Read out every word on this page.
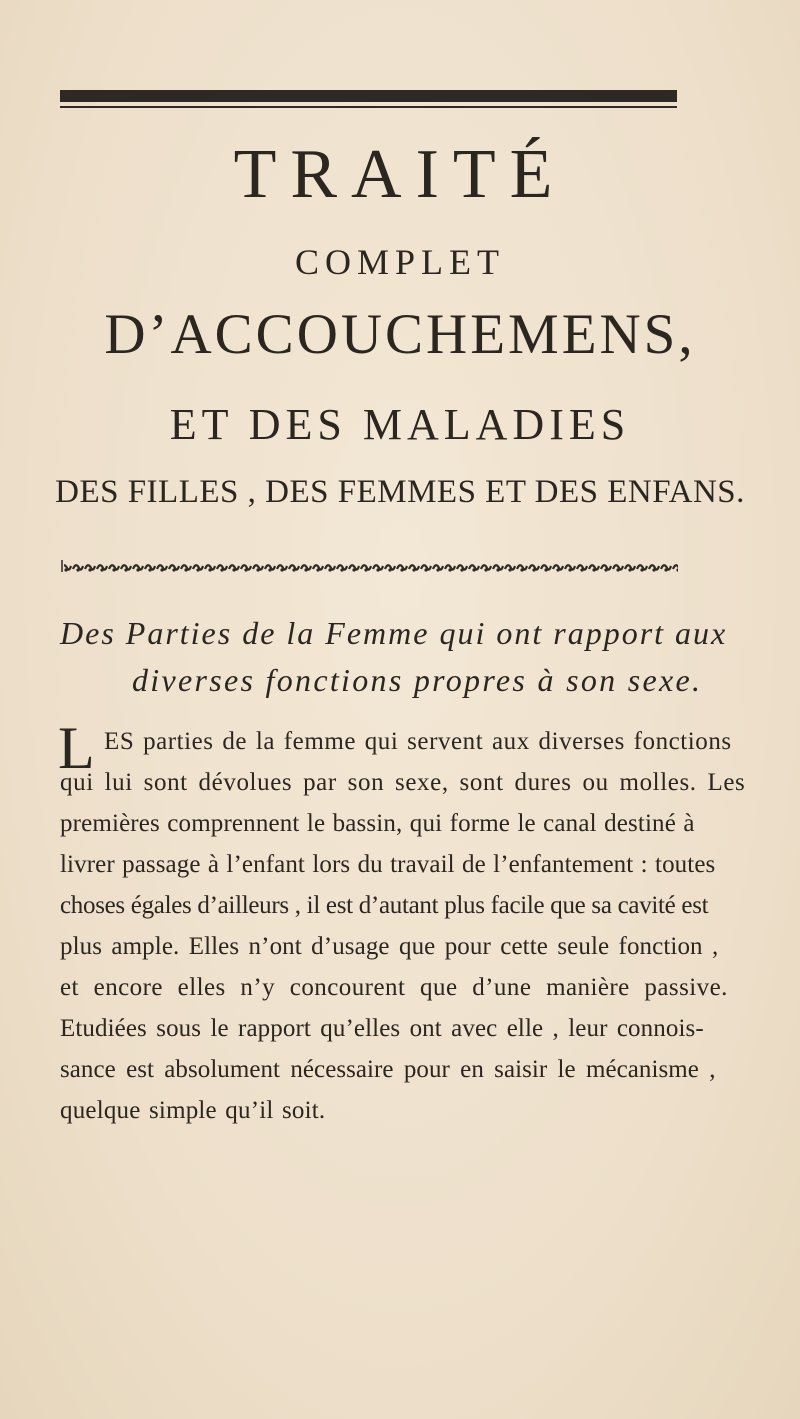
TRAITÉ
COMPLET
D’ACCOUCHEMENS,
ET DES MALADIES
DES FILLES , DES FEMMES ET DES ENFANS.
Des Parties de la Femme qui ont rapport aux
diverses fonctions propres à son sexe.
L ES parties de la femme qui servent aux diverses fonctions
qui lui sont dévolues par son sexe, sont dures ou molles. Les
premières comprennent le bassin, qui forme le canal destiné à
livrer passage à l’enfant lors du travail de l’enfantement : toutes
choses égales d’ailleurs , il est d’autant plus facile que sa cavité est
plus ample. Elles n’ont d’usage que pour cette seule fonction ,
et encore elles n’y concourent que d’une manière passive.
Etudiées sous le rapport qu’elles ont avec elle , leur connois-
sance est absolument nécessaire pour en saisir le mécanisme ,
quelque simple qu’il soit.
